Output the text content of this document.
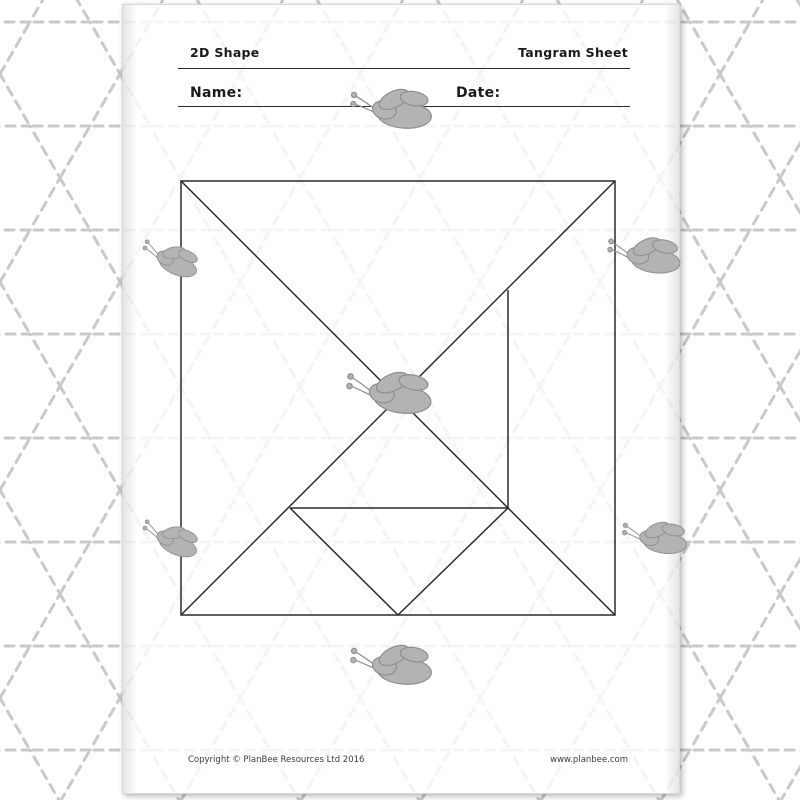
2D Shape	Tangram Sheet
Name:	Date:
Copyright © PlanBee Resources Ltd 2016	www.planbee.com
